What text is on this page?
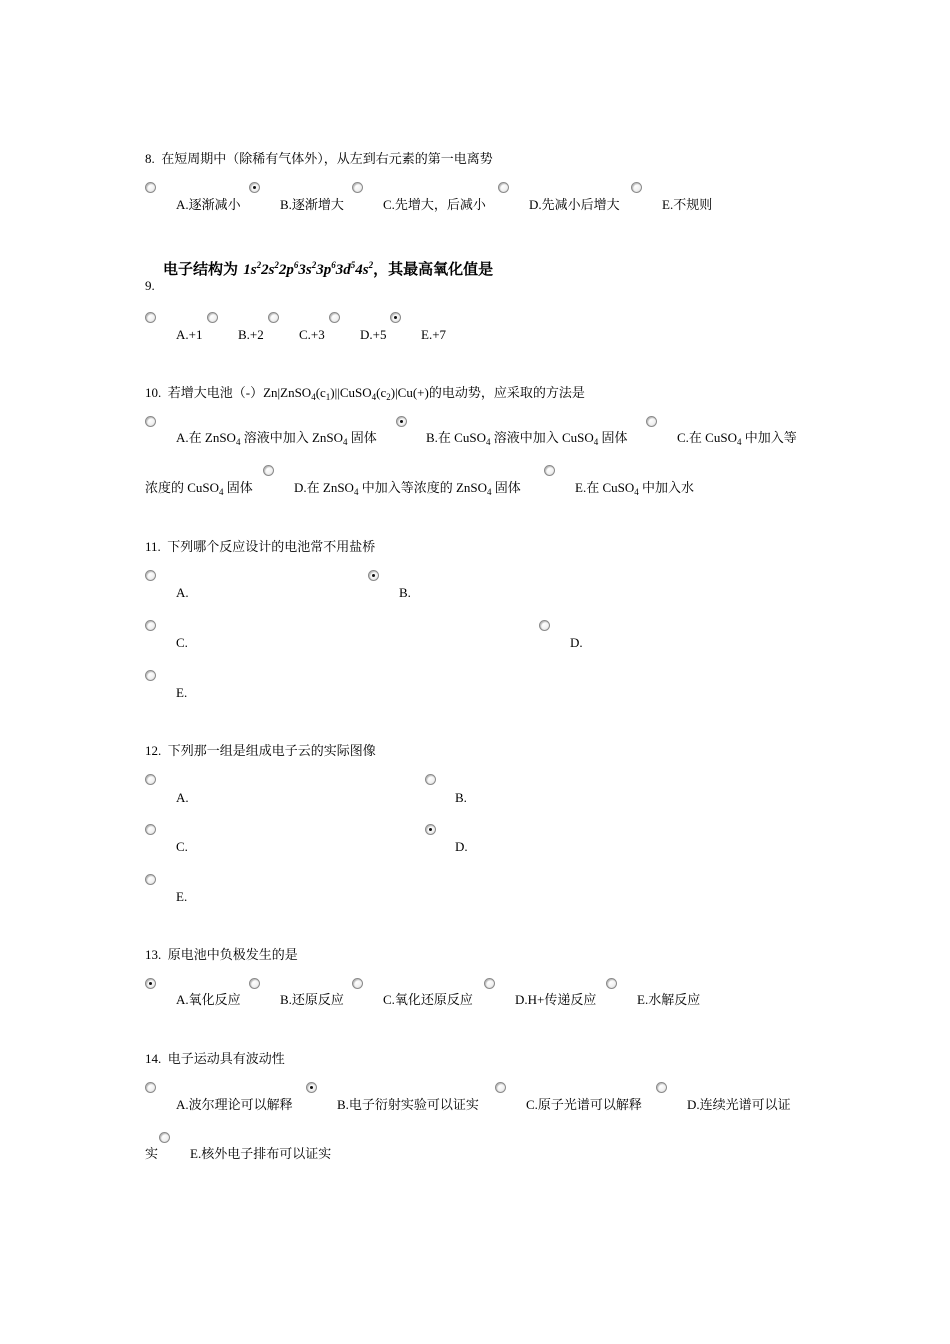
8. 在短周期中（除稀有气体外），从左到右元素的第一电离势
A.逐渐减小	B.逐渐增大	C.先增大，后减小	D.先减小后增大	E.不规则
电子结构为 $1s^22s^22p^63s^23p^63d^54s^2$，其最高氧化值是
9.
A.+1	B.+2	C.+3	D.+5	E.+7
10. 若增大电池$(-)Zn|ZnSO_4(c_1)||CuSO_4(c_2)|Cu(+)$的电动势，应采取的方法是
A.在 ZnSO$_4$ 溶液中加入 ZnSO$_4$ 固体	B.在 CuSO$_4$ 溶液中加入 CuSO$_4$ 固体	C.在 CuSO$_4$ 中加入等
浓度的 CuSO$_4$ 固体	D.在 ZnSO$_4$ 中加入等浓度的 ZnSO$_4$ 固体	E.在 CuSO$_4$ 中加入水
11. 下列哪个反应设计的电池常不用盐桥
A.	B.
C.	D.
E.
12. 下列那一组是组成电子云的实际图像
A.	B.
C.	D.
E.
13. 原电池中负极发生的是
A.氧化反应	B.还原反应	C.氧化还原反应	D.H+传递反应	E.水解反应
14. 电子运动具有波动性
A.波尔理论可以解释	B.电子衍射实验可以证实	C.原子光谱可以解释	D.连续光谱可以证
实 E.核外电子排布可以证实
